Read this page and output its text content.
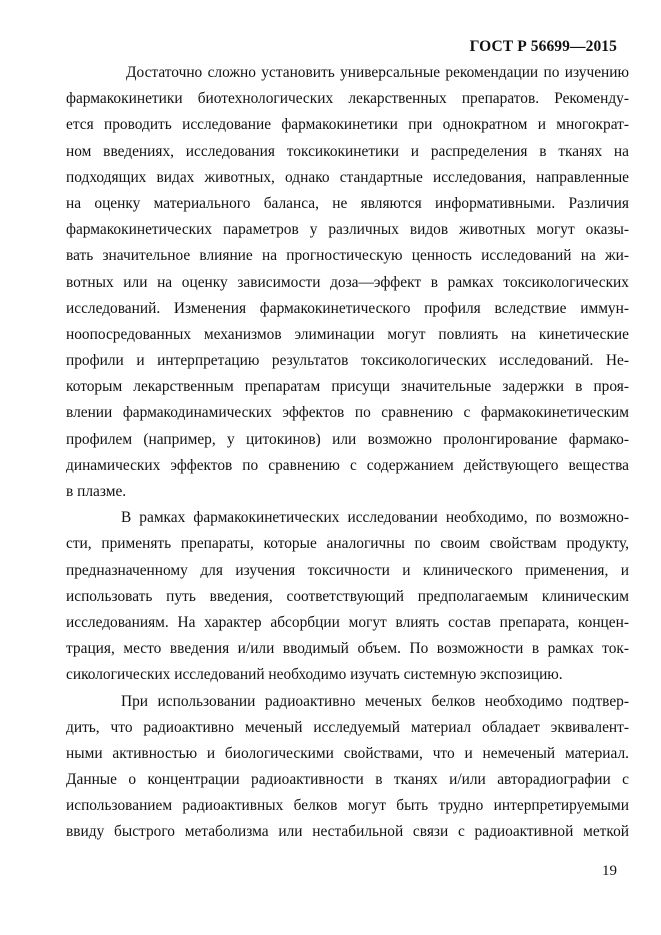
ГОСТ Р 56699—2015
Достаточно сложно установить универсальные рекомендации по изучению
фармакокинетики биотехнологических лекарственных препаратов. Рекоменду-
ется проводить исследование фармакокинетики при однократном и многократ-
ном введениях, исследования токсикокинетики и распределения в тканях на
подходящих видах животных, однако стандартные исследования, направленные
на оценку материального баланса, не являются информативными. Различия
фармакокинетических параметров у различных видов животных могут оказы-
вать значительное влияние на прогностическую ценность исследований на жи-
вотных или на оценку зависимости доза—эффект в рамках токсикологических
исследований. Изменения фармакокинетического профиля вследствие иммун-
ноопосредованных механизмов элиминации могут повлиять на кинетические
профили и интерпретацию результатов токсикологических исследований. Не-
которым лекарственным препаратам присущи значительные задержки в проя-
влении фармакодинамических эффектов по сравнению с фармакокинетическим
профилем (например, у цитокинов) или возможно пролонгирование фармако-
динамических эффектов по сравнению с содержанием действующего вещества
в плазме.
В рамках фармакокинетических исследовании необходимо, по возможно-
сти, применять препараты, которые аналогичны по своим свойствам продукту,
предназначенному для изучения токсичности и клинического применения, и
использовать путь введения, соответствующий предполагаемым клиническим
исследованиям. На характер абсорбции могут влиять состав препарата, концен-
трация, место введения и/или вводимый объем. По возможности в рамках ток-
сикологических исследований необходимо изучать системную экспозицию.
При использовании радиоактивно меченых белков необходимо подтвер-
дить, что радиоактивно меченый исследуемый материал обладает эквивалент-
ными активностью и биологическими свойствами, что и немеченый материал.
Данные о концентрации радиоактивности в тканях и/или авторадиографии с
использованием радиоактивных белков могут быть трудно интерпретируемыми
ввиду быстрого метаболизма или нестабильной связи с радиоактивной меткой
19
